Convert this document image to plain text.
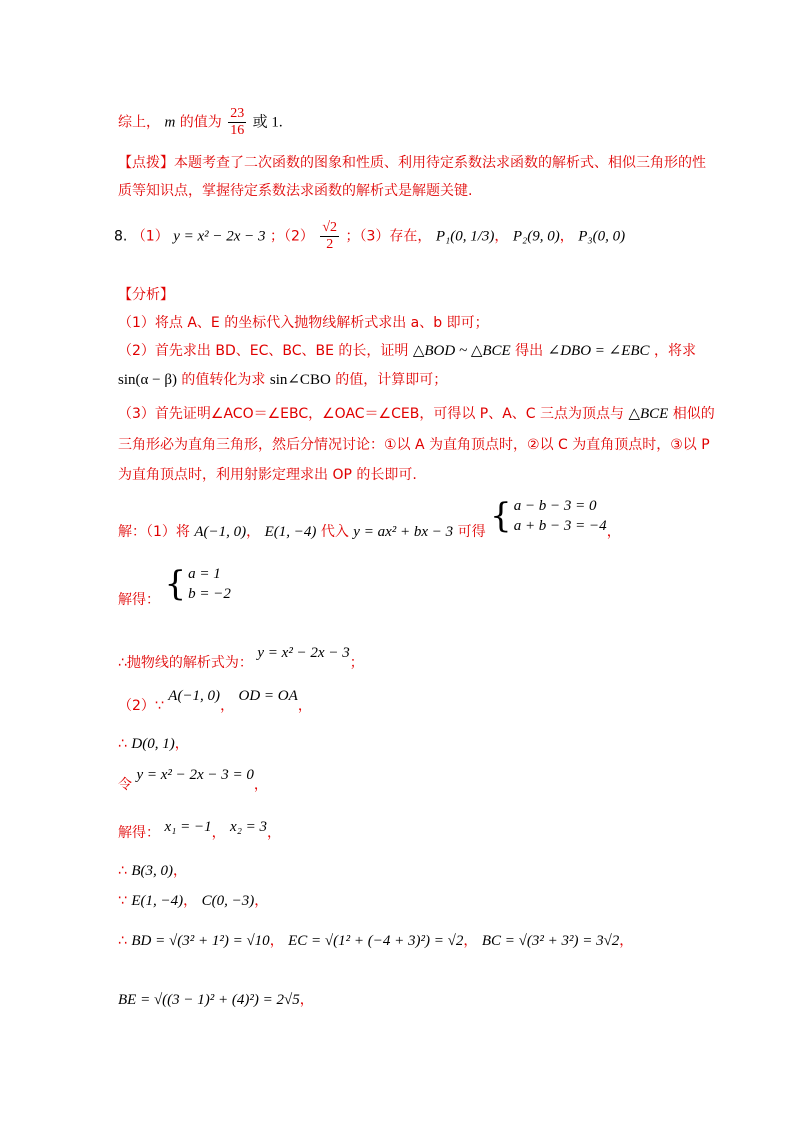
综上， m 的值为 $\frac{23}{16}$ 或 1.
【点拨】本题考查了二次函数的图象和性质、利用待定系数法求函数的解析式、相似三角形的性
质等知识点，掌握待定系数法求函数的解析式是解题关键.
8. （1） y = x² − 2x − 3 ；$(2) \frac{√2}{2}$ ；（3）存在， P₁(0, 1/3)， P₂(9, 0)， P₃(0, 0)
【分析】
（1）将点 A、E 的坐标代入抛物线解析式求出 a、b 即可；
（2）首先求出 BD、EC、BC、BE 的长，证明 △BOD ~ △BCE 得出 ∠DBO = ∠EBC ，将求
sin(α − β) 的值转化为求 sin∠CBO 的值，计算即可；
（3）首先证明∠ACO＝∠EBC，∠OAC＝∠CEB，可得以 P、A、C 三点为顶点与 △BCE 相似的
三角形必为直角三角形，然后分情况讨论：①以 A 为直角顶点时，②以 C 为直角顶点时，③以 P
为直角顶点时，利用射影定理求出 OP 的长即可.
解：（1）将 A(−1, 0)， E(1, −4) 代入 y = ax² + bx − 3 可得 { a − b − 3 = 0
a + b − 3 = −4 ，
解得： { a = 1
b = −2
∴抛物线的解析式为： y = x² − 2x − 3；
（2）∵ A(−1, 0)， OD = OA，
∴ D(0, 1)，
令 y = x² − 2x − 3 = 0，
解得： x₁ = −1， x₂ = 3，
∴ B(3, 0)，
∵ E(1, −4)， C(0, −3)，
∴ BD = √(3² + 1²) = √10， EC = √(1² + (−4 + 3)²) = √2， BC = √(3² + 3²) = 3√2，
BE = √((3 − 1)² + (4)²) = 2√5，
